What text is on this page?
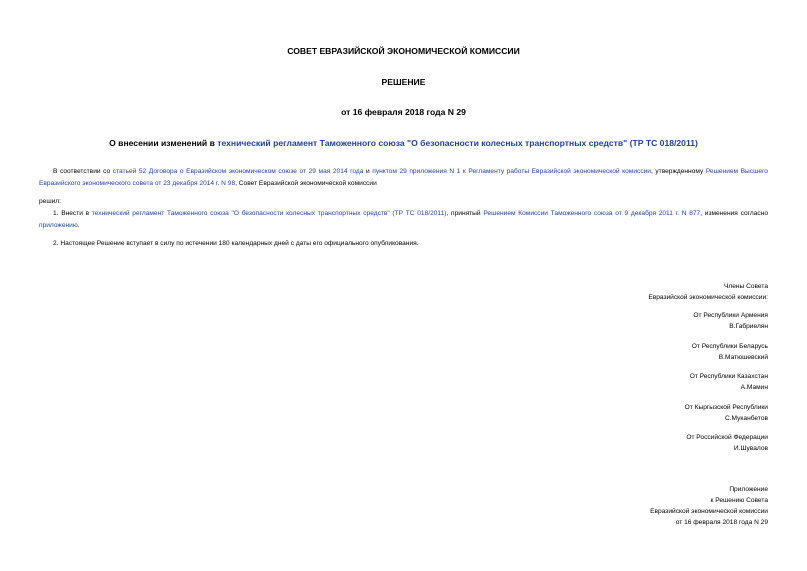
СОВЕТ ЕВРАЗИЙСКОЙ ЭКОНОМИЧЕСКОЙ КОМИССИИ
РЕШЕНИЕ
от 16 февраля 2018 года N 29
О внесении изменений в технический регламент Таможенного союза "О безопасности колесных транспортных средств" (ТР ТС 018/2011)
В соответствии со статьей 52 Договора о Евразийском экономическом союзе от 29 мая 2014 года и пунктом 29 приложения N 1 к Регламенту работы Евразийской экономической комиссии, утвержденному Решением Высшего Евразийского экономического совета от 23 декабря 2014 г. N 98, Совет Евразийской экономической комиссии
решил:
1. Внести в технический регламент Таможенного союза "О безопасности колесных транспортных средств" (ТР ТС 018/2011), принятый Решением Комиссии Таможенного союза от 9 декабря 2011 г. N 877, изменения согласно приложению.
2. Настоящее Решение вступает в силу по истечении 180 календарных дней с даты его официального опубликования.
Члены Совета
Евразийской экономической комиссии:
От Республики Армения
В.Габриелян
От Республики Беларусь
В.Матюшевский
От Республики Казахстан
А.Мамин
От Кыргызской Республики
С.Муканбетов
От Российской Федерации
И.Шувалов
Приложение
к Решению Совета
Евразийской экономической комиссии
от 16 февраля 2018 года N 29
